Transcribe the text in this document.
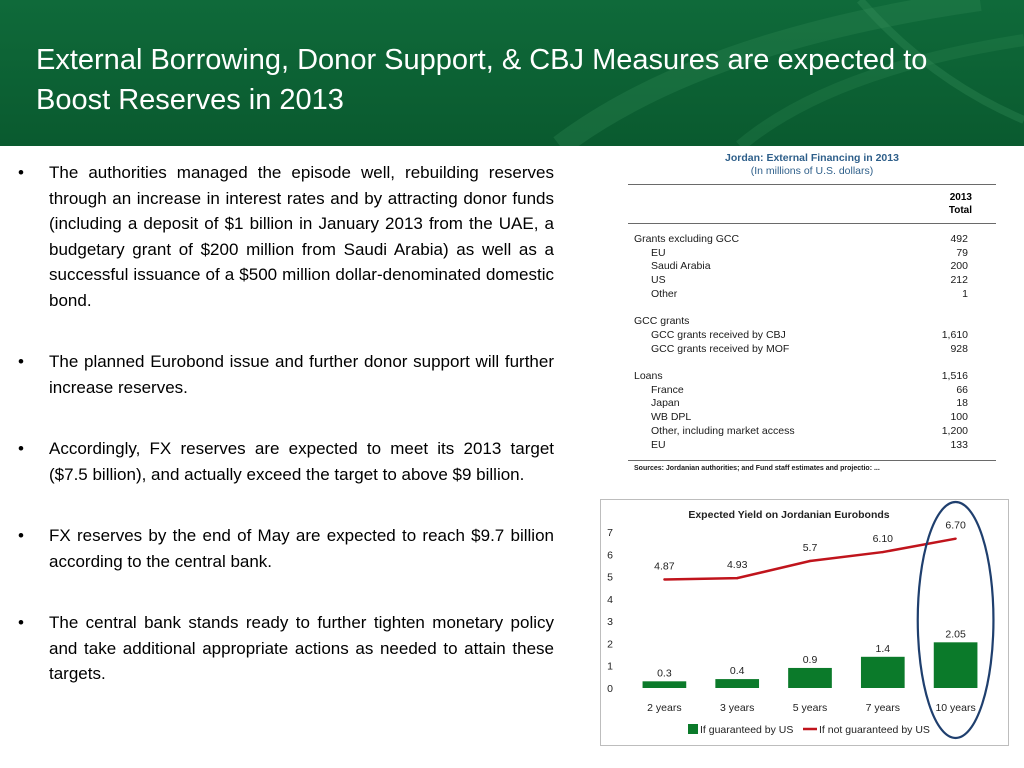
External Borrowing, Donor Support, & CBJ Measures are expected to Boost Reserves in 2013
• The authorities managed the episode well, rebuilding reserves through an increase in interest rates and by attracting donor funds (including a deposit of $1 billion in January 2013 from the UAE, a budgetary grant of $200 million from Saudi Arabia) as well as a successful issuance of a $500 million dollar-denominated domestic bond.
• The planned Eurobond issue and further donor support will further increase reserves.
• Accordingly, FX reserves are expected to meet its 2013 target ($7.5 billion), and actually exceed the target to above $9 billion.
• FX reserves by the end of May are expected to reach $9.7 billion according to the central bank.
• The central bank stands ready to further tighten monetary policy and take additional appropriate actions as needed to attain these targets.
Jordan: External Financing in 2013
(In millions of U.S. dollars)
2013
Total
Grants excluding GCC	492
EU	79
Saudi Arabia	200
US	212
Other	1
GCC grants
GCC grants received by CBJ	1,610
GCC grants received by MOF	928
Loans	1,516
France	66
Japan	18
WB DPL	100
Other, including market access	1,200
EU	133
Sources: Jordanian authorities; and Fund staff estimates and projectio: ...
Expected Yield on Jordanian Eurobonds
0.3	0.4
0.9
1.4
2.05
4.87	4.93
5.7
6.10
6.70
0
1
2
3
4
5
6
7
2 years	3 years	5 years	7 years	10 years
If guaranteed by US If not guaranteed by US
